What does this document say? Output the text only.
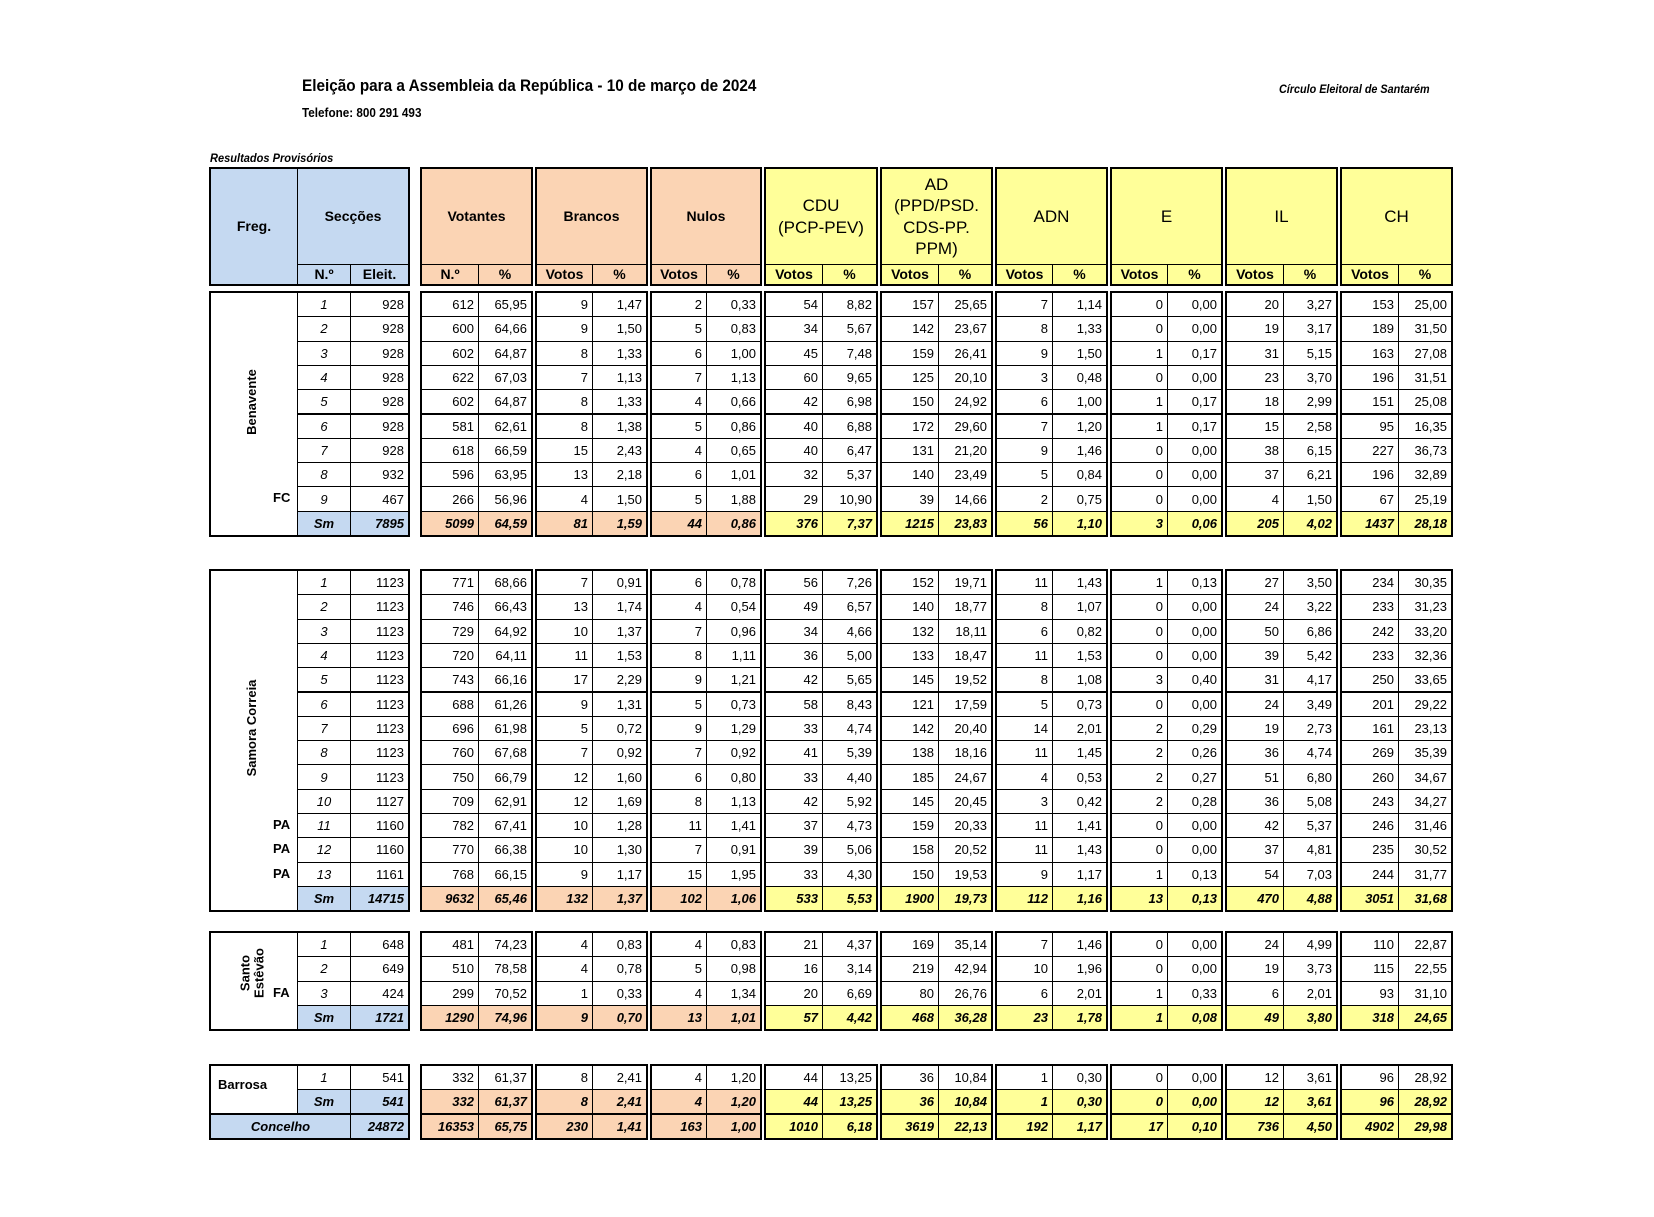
Eleição para a Assembleia da República - 10 de março de 2024
Telefone: 800 291 493
Círculo Eleitoral de Santarém
Resultados Provisórios
Freg.
Secções
N.º	Eleit.
Votantes
N.º	%
Brancos
Votos	%
Nulos
Votos	%
CDU
(PCP-PEV)
Votos	%
AD
(PPD/PSD.
CDS-PP.
PPM)
Votos	%
ADN
Votos	%
E
Votos	%
IL
Votos	%
CH
Votos	%
Benavente
1	928	612	65,95	9	1,47	2	0,33	54	8,82	157	25,65	7	1,14	0	0,00	20	3,27	153	25,00
2	928	600	64,66	9	1,50	5	0,83	34	5,67	142	23,67	8	1,33	0	0,00	19	3,17	189	31,50
3	928	602	64,87	8	1,33	6	1,00	45	7,48	159	26,41	9	1,50	1	0,17	31	5,15	163	27,08
4	928	622	67,03	7	1,13	7	1,13	60	9,65	125	20,10	3	0,48	0	0,00	23	3,70	196	31,51
5	928	602	64,87	8	1,33	4	0,66	42	6,98	150	24,92	6	1,00	1	0,17	18	2,99	151	25,08
6	928	581	62,61	8	1,38	5	0,86	40	6,88	172	29,60	7	1,20	1	0,17	15	2,58	95	16,35
7	928	618	66,59	15	2,43	4	0,65	40	6,47	131	21,20	9	1,46	0	0,00	38	6,15	227	36,73
8	932	596	63,95	13	2,18	6	1,01	32	5,37	140	23,49	5	0,84	0	0,00	37	6,21	196	32,89
9	467	266	56,96	4	1,50	5	1,88	29	10,90	39	14,66	2	0,75	0	0,00	4	1,50	67	25,19
FC
Sm	7895	5099	64,59	81	1,59	44	0,86	376	7,37	1215	23,83	56	1,10	3	0,06	205	4,02	1437	28,18
Samora Correia
1	1123	771	68,66	7	0,91	6	0,78	56	7,26	152	19,71	11	1,43	1	0,13	27	3,50	234	30,35
2	1123	746	66,43	13	1,74	4	0,54	49	6,57	140	18,77	8	1,07	0	0,00	24	3,22	233	31,23
3	1123	729	64,92	10	1,37	7	0,96	34	4,66	132	18,11	6	0,82	0	0,00	50	6,86	242	33,20
4	1123	720	64,11	11	1,53	8	1,11	36	5,00	133	18,47	11	1,53	0	0,00	39	5,42	233	32,36
5	1123	743	66,16	17	2,29	9	1,21	42	5,65	145	19,52	8	1,08	3	0,40	31	4,17	250	33,65
6	1123	688	61,26	9	1,31	5	0,73	58	8,43	121	17,59	5	0,73	0	0,00	24	3,49	201	29,22
7	1123	696	61,98	5	0,72	9	1,29	33	4,74	142	20,40	14	2,01	2	0,29	19	2,73	161	23,13
8	1123	760	67,68	7	0,92	7	0,92	41	5,39	138	18,16	11	1,45	2	0,26	36	4,74	269	35,39
9	1123	750	66,79	12	1,60	6	0,80	33	4,40	185	24,67	4	0,53	2	0,27	51	6,80	260	34,67
10	1127	709	62,91	12	1,69	8	1,13	42	5,92	145	20,45	3	0,42	2	0,28	36	5,08	243	34,27
11	1160	782	67,41	10	1,28	11	1,41	37	4,73	159	20,33	11	1,41	0	0,00	42	5,37	246	31,46
PA
12	1160	770	66,38	10	1,30	7	0,91	39	5,06	158	20,52	11	1,43	0	0,00	37	4,81	235	30,52
PA
13	1161	768	66,15	9	1,17	15	1,95	33	4,30	150	19,53	9	1,17	1	0,13	54	7,03	244	31,77
PA
Sm	14715	9632	65,46	132	1,37	102	1,06	533	5,53	1900	19,73	112	1,16	13	0,13	470	4,88	3051	31,68
Santo
Estêvão
1	648	481	74,23	4	0,83	4	0,83	21	4,37	169	35,14	7	1,46	0	0,00	24	4,99	110	22,87
2	649	510	78,58	4	0,78	5	0,98	16	3,14	219	42,94	10	1,96	0	0,00	19	3,73	115	22,55
3	424	299	70,52	1	0,33	4	1,34	20	6,69	80	26,76	6	2,01	1	0,33	6	2,01	93	31,10
FA
Sm	1721	1290	74,96	9	0,70	13	1,01	57	4,42	468	36,28	23	1,78	1	0,08	49	3,80	318	24,65
Barrosa	1	541	332	61,37	8	2,41	4	1,20	44	13,25	36	10,84	1	0,30	0	0,00	12	3,61	96	28,92
Sm	541	332	61,37	8	2,41	4	1,20	44	13,25	36	10,84	1	0,30	0	0,00	12	3,61	96	28,92
Concelho	24872	16353	65,75	230	1,41	163	1,00	1010	6,18	3619	22,13	192	1,17	17	0,10	736	4,50	4902	29,98
